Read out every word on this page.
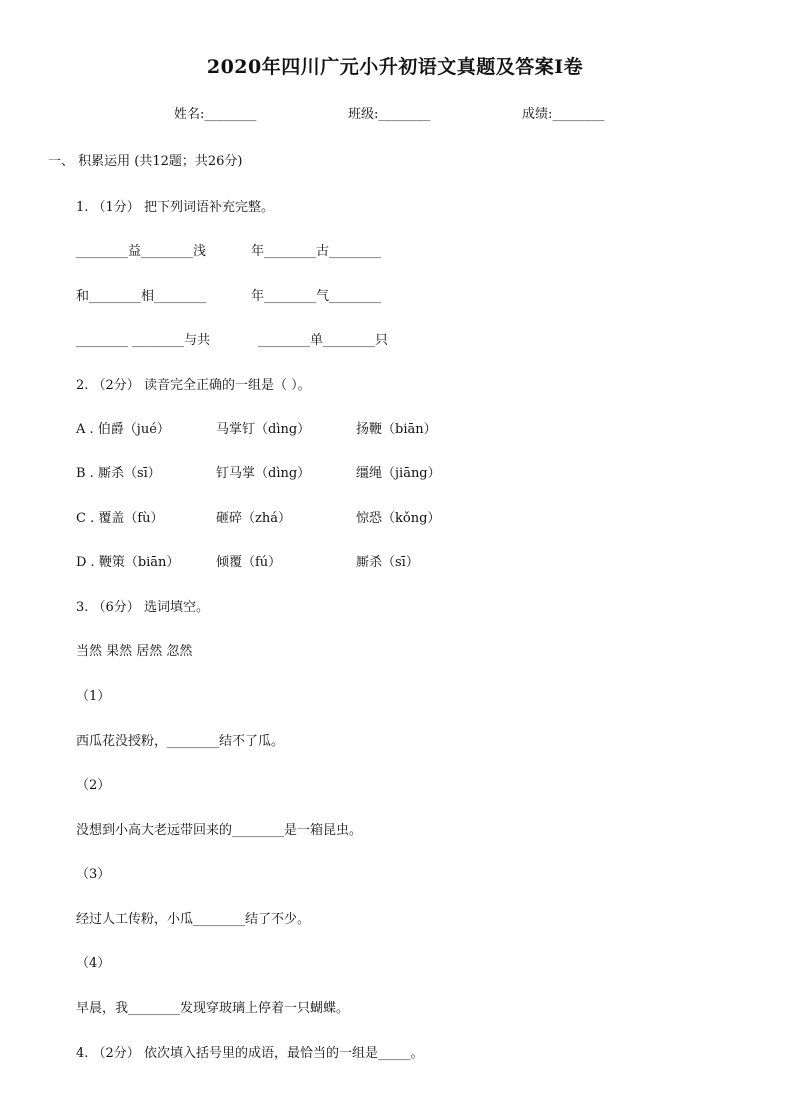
2020年四川广元小升初语文真题及答案Ⅰ卷
姓名:________	班级:________	成绩:________
一、 积累运用 (共12题；共26分)
1. （1分） 把下列词语补充完整。
________益________浅	年________古________
和________相________	年________气________
________ ________与共	________单________只
2. （2分） 读音完全正确的一组是（ ）。
A . 伯爵（jué）	马掌钉（dìng）	扬鞭（biān）
B . 厮杀（sī）	钉马掌（dìng）	缰绳（jiāng）
C . 覆盖（fù）	砸碎（zhá）	惊恐（kǒng）
D . 鞭策（biān）	倾覆（fú）	厮杀（sī）
3. （6分） 选词填空。
当然 果然 居然 忽然
（1）
西瓜花没授粉，________结不了瓜。
（2）
没想到小高大老远带回来的________是一箱昆虫。
（3）
经过人工传粉，小瓜________结了不少。
（4）
早晨，我________发现穿玻璃上停着一只蝴蝶。
4. （2分） 依次填入括号里的成语，最恰当的一组是_____。
